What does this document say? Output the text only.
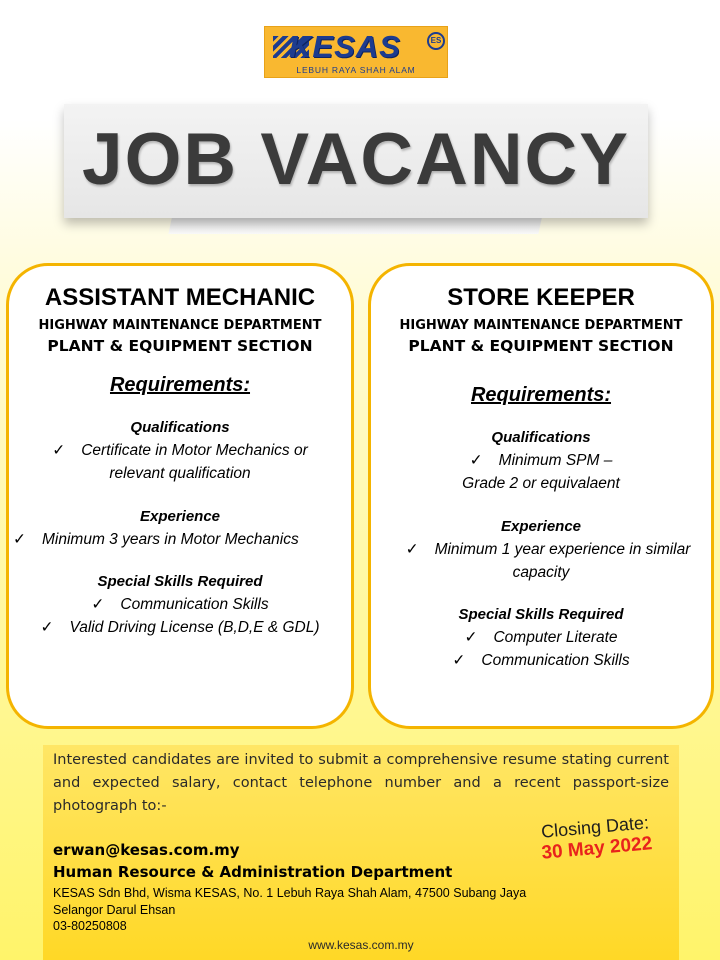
KESAS	ES
LEBUH RAYA SHAH ALAM
JOB VACANCY
ASSISTANT MECHANIC
HIGHWAY MAINTENANCE DEPARTMENT
PLANT & EQUIPMENT SECTION
Requirements:
Qualifications
✓ Certificate in Motor Mechanics or
relevant qualification
Experience
✓ Minimum 3 years in Motor Mechanics
Special Skills Required
✓ Communication Skills
✓ Valid Driving License (B,D,E & GDL)
STORE KEEPER
HIGHWAY MAINTENANCE DEPARTMENT
PLANT & EQUIPMENT SECTION
Requirements:
Qualifications
✓ Minimum SPM –
Grade 2 or equivalaent
Experience
✓ Minimum 1 year experience in similar
capacity
Special Skills Required
✓ Computer Literate
✓ Communication Skills
Interested candidates are invited to submit a comprehensive resume stating current and expected salary, contact telephone number and a recent passport-size photograph to:-
erwan@kesas.com.my
Human Resource & Administration Department
KESAS Sdn Bhd, Wisma KESAS, No. 1 Lebuh Raya Shah Alam, 47500 Subang Jaya Selangor Darul Ehsan
03-80250808
www.kesas.com.my
Closing Date:
30 May 2022
